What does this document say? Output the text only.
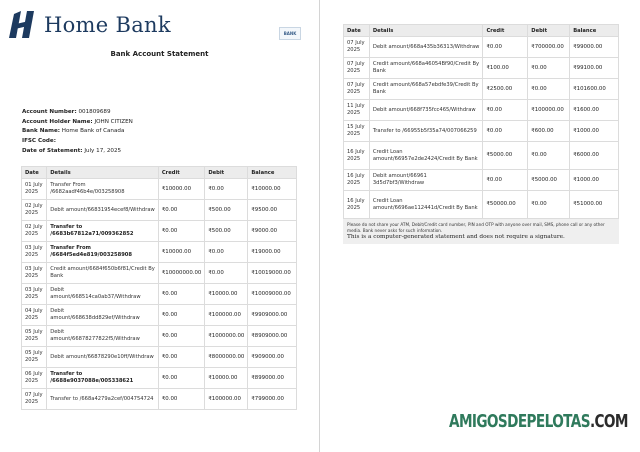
Home Bank	BANK
Bank Account Statement
Account Number: 001809689
Account Holder Name: JOHN CITIZEN
Bank Name: Home Bank of Canada
IFSC Code:
Date of Statement: July 17, 2025
Date	Details	Credit	Debit	Balance
01 July 2025	Transfer From /6682aadf46b4e/003258908	₹10000.00	₹0.00	₹10000.00
02 July 2025	Debit amount/66831954ecef8/Withdraw	₹0.00	₹500.00	₹9500.00
02 July 2025	Transfer to /6683b67812a71/009362852	₹0.00	₹500.00	₹9000.00
03 July 2025	Transfer From /6684f5ed4e819/003258908	₹10000.00	₹0.00	₹19000.00
03 July 2025	Credit amount/6684f650b6f81/Credit By Bank	₹10000000.00	₹0.00	₹10019000.00
03 July 2025	Debit amount/668514ca0ab37/Withdraw	₹0.00	₹10000.00	₹10009000.00
04 July 2025	Debit amount/668638dd829ef/Withdraw	₹0.00	₹100000.00	₹9909000.00
05 July 2025	Debit amount/66878277822f5/Withdraw	₹0.00	₹1000000.00	₹8909000.00
05 July 2025	Debit amount/66878290e10ff/Withdraw	₹0.00	₹8000000.00	₹909000.00
06 July 2025	Transfer to /6688e9037088e/005338621	₹0.00	₹10000.00	₹899000.00
07 July 2025	Transfer to /668a4279a2cef/004754724	₹0.00	₹100000.00	₹799000.00
Date	Details	Credit	Debit	Balance
07 July 2025	Debit amount/668a435b36313/Withdraw	₹0.00	₹700000.00	₹99000.00
07 July 2025	Credit amount/668a46054Bf90/Credit By Bank	₹100.00	₹0.00	₹99100.00
07 July 2025	Credit amount/668a57ebdfe39/Credit By Bank	₹2500.00	₹0.00	₹101600.00
11 July 2025	Debit amount/668f735fcc465/Withdraw	₹0.00	₹100000.00	₹1600.00
15 July 2025	Transfer to /66955b5f35a74/007066259	₹0.00	₹600.00	₹1000.00
16 July 2025	Credit Loan amount/66957e2de2424/Credit By Bank	₹5000.00	₹0.00	₹6000.00
16 July 2025	Debit amount/66961 3d5d7bf3/Withdraw	₹0.00	₹5000.00	₹1000.00
16 July 2025	Credit Loan amount/6696ae112441d/Credit By Bank	₹50000.00	₹0.00	₹51000.00
Please do not share your ATM, Debit/Credit card number, PIN and OTP with anyone over mail, SMS, phone call or any other media. Bank never asks for such information.
This is a computer-generated statement and does not require a signature.
AMIGOSDEPELOTAS.COM
